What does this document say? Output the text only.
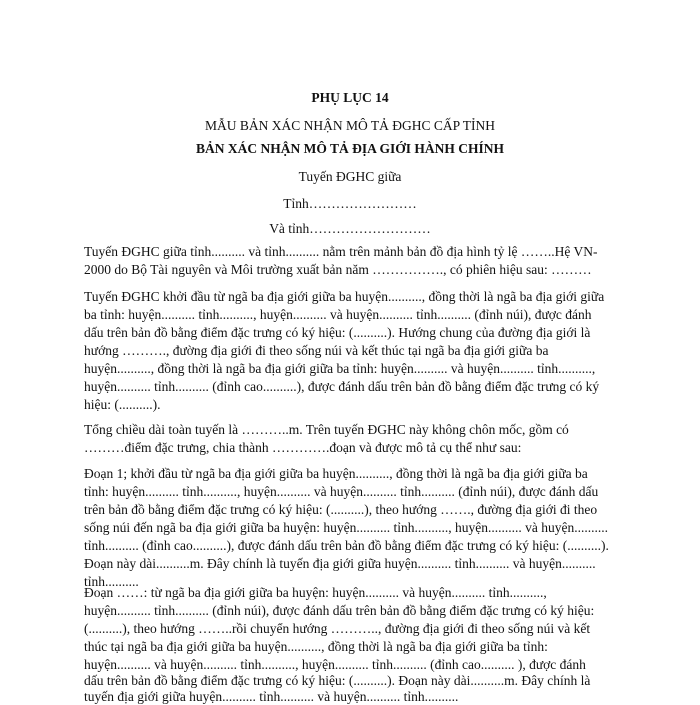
PHỤ LỤC 14
MẪU BẢN XÁC NHẬN MÔ TẢ ĐGHC CẤP TỈNH
BẢN XÁC NHẬN MÔ TẢ ĐỊA GIỚI HÀNH CHÍNH
Tuyến ĐGHC giữa
Tỉnh……………………
Và tỉnh………………………
Tuyến ĐGHC giữa tỉnh.......... và tỉnh.......... nằm trên mảnh bản đồ địa hình tỷ lệ ……..Hệ VN-
2000 do Bộ Tài nguyên và Môi trường xuất bản năm ……………., có phiên hiệu sau: ………
Tuyến ĐGHC khởi đầu từ ngã ba địa giới giữa ba huyện.........., đồng thời là ngã ba địa giới giữa
ba tỉnh: huyện.......... tỉnh.........., huyện.......... và huyện.......... tỉnh.......... (đỉnh núi), được đánh
dấu trên bản đồ bằng điểm đặc trưng có ký hiệu: (..........). Hướng chung của đường địa giới là
hướng ………., đường địa giới đi theo sống núi và kết thúc tại ngã ba địa giới giữa ba
huyện.........., đồng thời là ngã ba địa giới giữa ba tỉnh: huyện.......... và huyện.......... tỉnh..........,
huyện.......... tỉnh.......... (đỉnh cao..........), được đánh dấu trên bản đồ bằng điểm đặc trưng có ký
hiệu: (..........).
Tổng chiều dài toàn tuyến là ………..m. Trên tuyến ĐGHC này không chôn mốc, gồm có
………điểm đặc trưng, chia thành ………….đoạn và được mô tả cụ thể như sau:
Đoạn 1; khởi đầu từ ngã ba địa giới giữa ba huyện.........., đồng thời là ngã ba địa giới giữa ba
tỉnh: huyện.......... tỉnh.........., huyện.......... và huyện.......... tỉnh.......... (đỉnh núi), được đánh dấu
trên bản đồ bằng điểm đặc trưng có ký hiệu: (..........), theo hướng ……., đường địa giới đi theo
sống núi đến ngã ba địa giới giữa ba huyện: huyện.......... tỉnh.........., huyện.......... và huyện..........
tỉnh.......... (đỉnh cao..........), được đánh dấu trên bản đồ bằng điểm đặc trưng có ký hiệu: (..........).
Đoạn này dài..........m. Đây chính là tuyến địa giới giữa huyện.......... tỉnh.......... và huyện..........
tỉnh..........
Đoạn ……: từ ngã ba địa giới giữa ba huyện: huyện.......... và huyện.......... tỉnh..........,
huyện.......... tỉnh.......... (đỉnh núi), được đánh dấu trên bản đồ bằng điểm đặc trưng có ký hiệu:
(..........), theo hướng ……..rồi chuyển hướng ……….., đường địa giới đi theo sống núi và kết
thúc tại ngã ba địa giới giữa ba huyện.........., đồng thời là ngã ba địa giới giữa ba tỉnh:
huyện.......... và huyện.......... tỉnh.........., huyện.......... tỉnh.......... (đỉnh cao.......... ), được đánh
dấu trên bản đồ bằng điểm đặc trưng có ký hiệu: (..........). Đoạn này dài..........m. Đây chính là
tuyến địa giới giữa huyện.......... tỉnh.......... và huyện.......... tỉnh..........
